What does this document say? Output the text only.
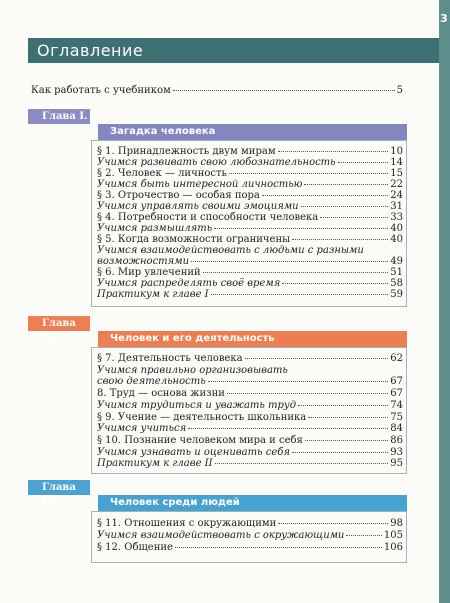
3
Оглавление
Как работать с учебником	5
Глава I.
Загадка человека
§ 1. Принадлежность двум мирам	10
Учимся развивать свою любознательность	14
§ 2. Человек — личность	15
Учимся быть интересной личностью	22
§ 3. Отрочество — особая пора	24
Учимся управлять своими эмоциями	31
§ 4. Потребности и способности человека	33
Учимся размышлять	40
§ 5. Когда возможности ограничены	40
Учимся взаимодействовать с людьми с разными
возможностями	49
§ 6. Мир увлечений	51
Учимся распределять своё время	58
Практикум к главе I	59
Глава II.	Человек и его деятельность
§ 7. Деятельность человека	62
Учимся правильно организовывать
свою деятельность	67
8. Труд — основа жизни	67
Учимся трудиться и уважать труд	74
§ 9. Учение — деятельность школьника	75
Учимся учиться	84
§ 10. Познание человеком мира и себя	86
Учимся узнавать и оценивать себя	93
Практикум к главе II	95
Глава III.	Человек среди людей
§ 11. Отношения с окружающими	98
Учимся взаимодействовать с окружающими	105
§ 12. Общение	106
